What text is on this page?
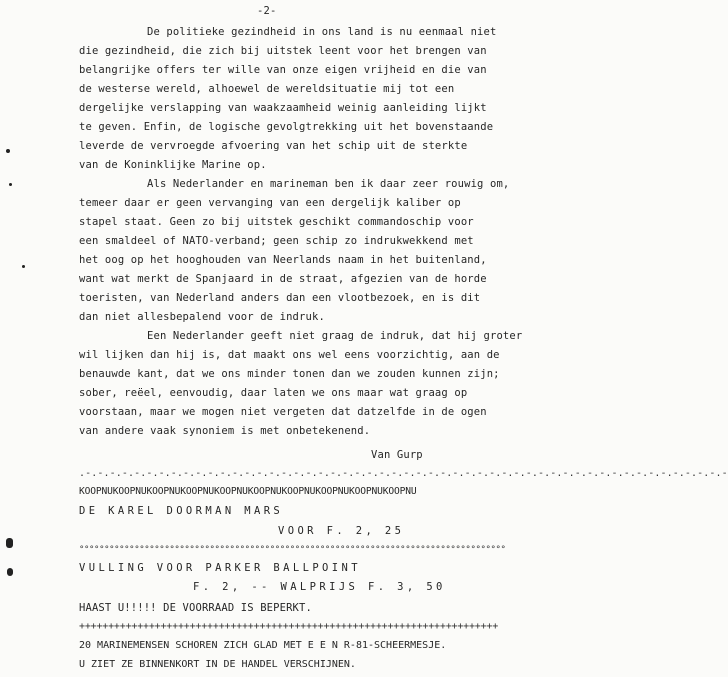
-2-
De politieke gezindheid in ons land is nu eenmaal niet
die gezindheid, die zich bij uitstek leent voor het brengen van
belangrijke offers ter wille van onze eigen vrijheid en die van
de westerse wereld, alhoewel de wereldsituatie mij tot een
dergelijke verslapping van waakzaamheid weinig aanleiding lijkt
te geven. Enfin, de logische gevolgtrekking uit het bovenstaande
leverde de vervroegde afvoering van het schip uit de sterkte
van de Koninklijke Marine op.
Als Nederlander en marineman ben ik daar zeer rouwig om,
temeer daar er geen vervanging van een dergelijk kaliber op
stapel staat. Geen zo bij uitstek geschikt commandoschip voor
een smaldeel of NATO-verband; geen schip zo indrukwekkend met
het oog op het hooghouden van Neerlands naam in het buitenland,
want wat merkt de Spanjaard in de straat, afgezien van de horde
toeristen, van Nederland anders dan een vlootbezoek, en is dit
dan niet allesbepalend voor de indruk.
Een Nederlander geeft niet graag de indruk, dat hij groter
wil lijken dan hij is, dat maakt ons wel eens voorzichtig, aan de
benauwde kant, dat we ons minder tonen dan we zouden kunnen zijn;
sober, reëel, eenvoudig, daar laten we ons maar wat graag op
voorstaan, maar we mogen niet vergeten dat datzelfde in de ogen
van andere vaak synoniem is met onbetekenend.
Van Gurp
.-.-.-.-.-.-.-.-.-.-.-.-.-.-.-.-.-.-.-.-.-.-.-.-.-.-.-.-.-.-.-.-.-.-.-.-.-.-.-.-.-.-.-.-.-.-.-.-.-.-.-.-.-
KOOPNUKOOPNUKOOPNUKOOPNUKOOPNUKOOPNUKOOPNUKOOPNUKOOPNUKOOPNU
DE KAREL DOORMAN MARS
VOOR F. 2, 25
°°°°°°°°°°°°°°°°°°°°°°°°°°°°°°°°°°°°°°°°°°°°°°°°°°°°°°°°°°°°°°°°°°°°°°°°°°°°°°°°°°°°°
VULLING VOOR PARKER BALLPOINT
F. 2, -- WALPRIJS F. 3, 50
HAAST U!!!!! DE VOORRAAD IS BEPERKT.
++++++++++++++++++++++++++++++++++++++++++++++++++++++++++++++++++++++++
20 MARINEMENSEN SCHOREN ZICH GLAD MET E E N R-81-SCHEERMESJE.
U ZIET ZE BINNENKORT IN DE HANDEL VERSCHIJNEN.
